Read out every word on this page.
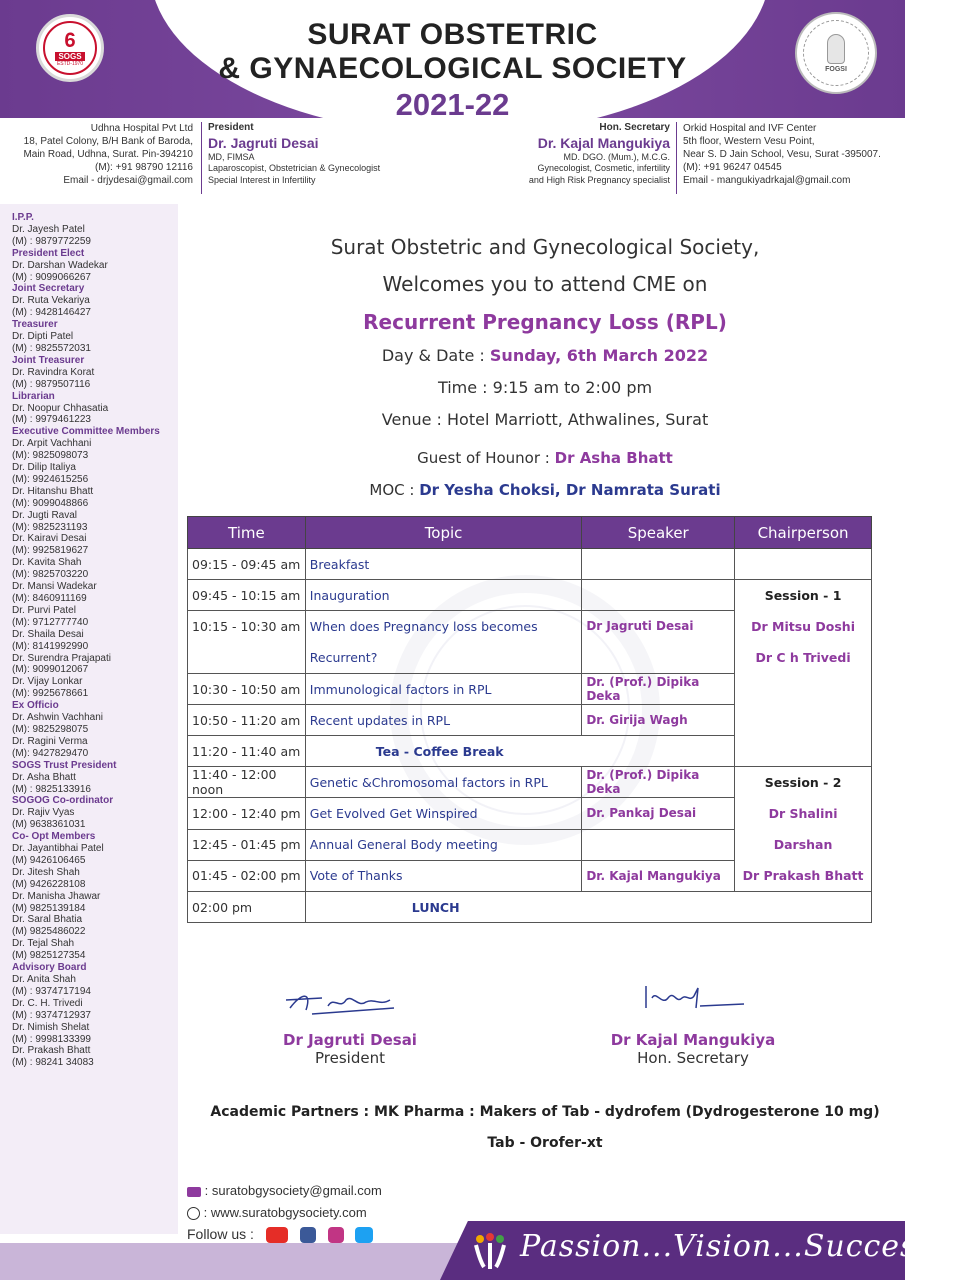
𝟔
SOGS
ESTD-1970
FOGSI
SURAT OBSTETRIC
& GYNAECOLOGICAL SOCIETY
2021-22
Udhna Hospital Pvt Ltd
18, Patel Colony, B/H Bank of Baroda,
Main Road, Udhna, Surat. Pin-394210
(M): +91 98790 12116
Email - drjydesai@gmail.com
President
Dr. Jagruti Desai
MD, FIMSA
Laparoscopist, Obstetrician & Gynecologist
Special Interest in Infertility
Hon. Secretary
Dr. Kajal Mangukiya
MD. DGO. (Mum.), M.C.G.
Gynecologist, Cosmetic, infertility
and High Risk Pregnancy specialist
Orkid Hospital and IVF Center
5th floor, Western Vesu Point,
Near S. D Jain School, Vesu, Surat -395007.
(M): +91 96247 04545
Email - mangukiyadrkajal@gmail.com
I.P.P.
Dr. Jayesh Patel
(M) : 9879772259
President Elect
Dr. Darshan Wadekar
(M) : 9099066267
Joint Secretary
Dr. Ruta Vekariya
(M) : 9428146427
Treasurer
Dr. Dipti Patel
(M) : 9825572031
Joint Treasurer
Dr. Ravindra Korat
(M) : 9879507116
Librarian
Dr. Noopur Chhasatia
(M) : 9979461223
Executive Committee Members
Dr. Arpit Vachhani
(M): 9825098073
Dr. Dilip Italiya
(M): 9924615256
Dr. Hitanshu Bhatt
(M): 9099048866
Dr. Jugti Raval
(M): 9825231193
Dr. Kairavi Desai
(M): 9925819627
Dr. Kavita Shah
(M): 9825703220
Dr. Mansi Wadekar
(M): 8460911169
Dr. Purvi Patel
(M): 9712777740
Dr. Shaila Desai
(M): 8141992990
Dr. Surendra Prajapati
(M): 9099012067
Dr. Vijay Lonkar
(M): 9925678661
Ex Officio
Dr. Ashwin Vachhani
(M): 9825298075
Dr. Ragini Verma
(M): 9427829470
SOGS Trust President
Dr. Asha Bhatt
(M) : 9825133916
SOGOG Co-ordinator
Dr. Rajiv Vyas
(M) 9638361031
Co- Opt Members
Dr. Jayantibhai Patel
(M) 9426106465
Dr. Jitesh Shah
(M) 9426228108
Dr. Manisha Jhawar
(M) 9825139184
Dr. Saral Bhatia
(M) 9825486022
Dr. Tejal Shah
(M) 9825127354
Advisory Board
Dr. Anita Shah
(M) : 9374717194
Dr. C. H. Trivedi
(M) : 9374712937
Dr. Nimish Shelat
(M) : 9998133399
Dr. Prakash Bhatt
(M) : 98241 34083
Surat Obstetric and Gynecological Society,
Welcomes you to attend CME on
Recurrent Pregnancy Loss (RPL)
Day & Date : Sunday, 6th March 2022
Time : 9:15 am to 2:00 pm
Venue : Hotel Marriott, Athwalines, Surat
Guest of Hounor : Dr Asha Bhatt
MOC : Dr Yesha Choksi, Dr Namrata Surati
Time	Topic	Speaker	Chairperson
09:15 - 09:45 am	Breakfast		
09:45 - 10:15 am	Inauguration		Session - 1
Dr Mitsu Doshi
Dr C h Trivedi

10:15 - 10:30 am	When does Pregnancy loss becomes Recurrent?	Dr Jagruti Desai	
10:30 - 10:50 am	Immunological factors in RPL	Dr. (Prof.) Dipika Deka	
10:50 - 11:20 am	Recent updates in RPL	Dr. Girija Wagh	
11:20 - 11:40 am	Tea - Coffee Break		
11:40 - 12:00 noon	Genetic &Chromosomal factors in RPL	Dr. (Prof.) Dipika Deka	Session - 2
Dr Shalini Darshan
Dr Prakash Bhatt

12:00 - 12:40 pm	Get Evolved Get Winspired	Dr. Pankaj Desai	
12:45 - 01:45 pm	Annual General Body meeting		
01:45 - 02:00 pm	Vote of Thanks	Dr. Kajal Mangukiya	
02:00 pm	LUNCH		
Dr Jagruti Desai
President
Dr Kajal Mangukiya
Hon. Secretary
Academic Partners : MK Pharma : Makers of Tab - dydrofem (Dydrogesterone 10 mg)
Tab - Orofer-xt
: suratobgysociety@gmail.com
: www.suratobgysociety.com
Follow us :	Passion...Vision...Success...
